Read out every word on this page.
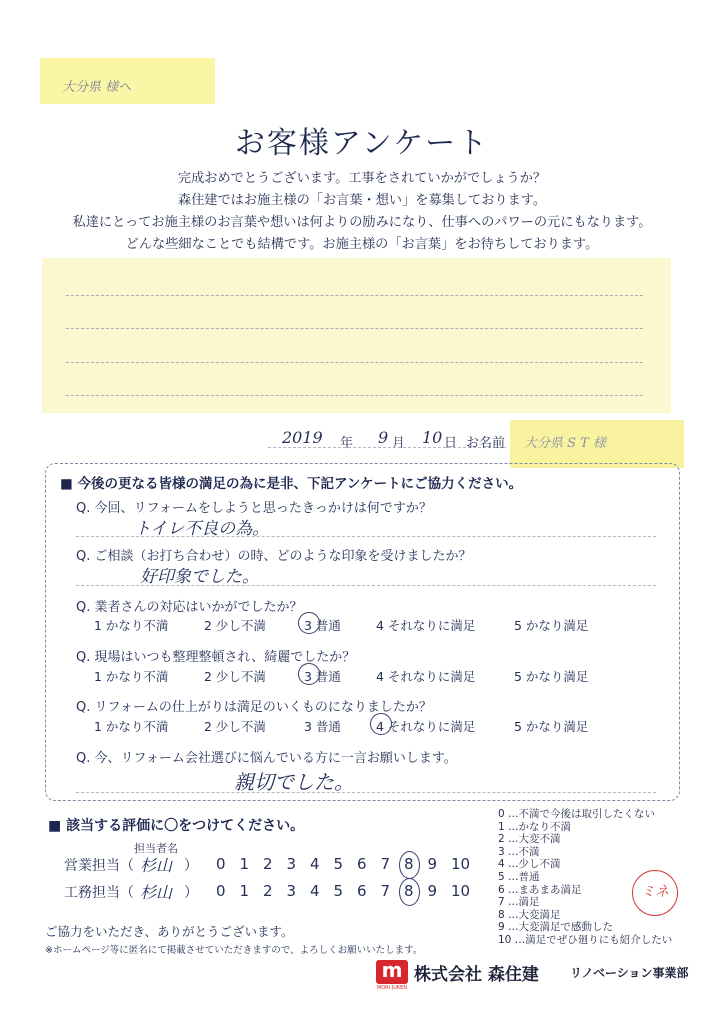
大分県 様へ
お客様アンケート
完成おめでとうございます。工事をされていかがでしょうか？
森住建ではお施主様の「お言葉・想い」を募集しております。
私達にとってお施主様のお言葉や想いは何よりの励みになり、仕事へのパワーの元にもなります。
どんな些細なことでも結構です。お施主様の「お言葉」をお待ちしております。
2019 年 9 月 10 日 お名前 大分県 S T 様
■ 今後の更なる皆様の満足の為に是非、下記アンケートにご協力ください。
Q. 今回、リフォームをしようと思ったきっかけは何ですか？
トイレ不良の為。
Q. ご相談（お打ち合わせ）の時、どのような印象を受けましたか？
好印象でした。
Q. 業者さんの対応はいかがでしたか？
Q. 現場はいつも整理整頓され、綺麗でしたか？
Q. リフォームの仕上がりは満足のいくものになりましたか？
1 かなり不満	2 少し不満	3 普通	4 それなりに満足	5 かなり満足
1 かなり不満	2 少し不満	3 普通	4 それなりに満足	5 かなり満足
1 かなり不満	2 少し不満	3 普通	4 それなりに満足	5 かなり満足
Q. 今、リフォーム会社選びに悩んでいる方に一言お願いします。
親切でした。
■ 該当する評価に〇をつけてください。
担当者名
営業担当 （ 杉山 ） 0 1 2 3 4 5 6 7 8 9 10
工務担当 （ 杉山 ） 0 1 2 3 4 5 6 7 8 9 10
0 …不満で今後は取引したくない
1 …かなり不満
2 …大変不満
3 …不満
4 …少し不満
5 …普通
6 …まあまあ満足
7 …満足
8 …大変満足
9 …大変満足で感動した
10 …満足でぜひ廻りにも紹介したい
ミネ
ご協力をいただき、ありがとうございます。
※ホームページ等に匿名にて掲載させていただきますので、よろしくお願いいたします。
m
MORI JUKEN
株式会社 森住建	リノベーション事業部
